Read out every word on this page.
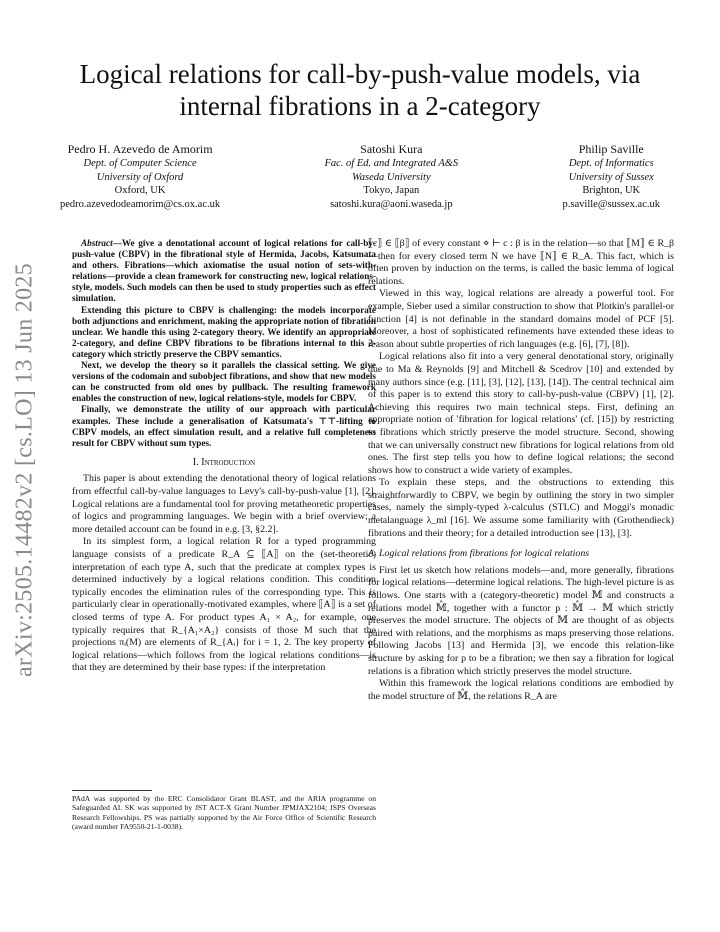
arXiv:2505.14482v2 [cs.LO] 13 Jun 2025
Logical relations for call-by-push-value models, via internal fibrations in a 2-category
Pedro H. Azevedo de Amorim
Dept. of Computer Science
University of Oxford
Oxford, UK
pedro.azevedodeamorim@cs.ox.ac.uk
Satoshi Kura
Fac. of Ed. and Integrated A&S
Waseda University
Tokyo, Japan
satoshi.kura@aoni.waseda.jp
Philip Saville
Dept. of Informatics
University of Sussex
Brighton, UK
p.saville@sussex.ac.uk

Abstract—We give a denotational account of logical relations for call-by-push-value (CBPV) in the fibrational style of Hermida, Jacobs, Katsumata and others. Fibrations—which axiomatise the usual notion of sets-with-relations—provide a clean framework for constructing new, logical relations-style, models. Such models can then be used to study properties such as effect simulation.

Extending this picture to CBPV is challenging: the models incorporate both adjunctions and enrichment, making the appropriate notion of fibration unclear. We handle this using 2-category theory. We identify an appropriate 2-category, and define CBPV fibrations to be fibrations internal to this 2-category which strictly preserve the CBPV semantics.

Next, we develop the theory so it parallels the classical setting. We give versions of the codomain and subobject fibrations, and show that new models can be constructed from old ones by pullback. The resulting framework enables the construction of new, logical relations-style, models for CBPV.

Finally, we demonstrate the utility of our approach with particular examples. These include a generalisation of Katsumata's ⊤⊤-lifting to CBPV models, an effect simulation result, and a relative full completeness result for CBPV without sum types.

I. Introduction

This paper is about extending the denotational theory of logical relations from effectful call-by-value languages to Levy's call-by-push-value [1], [2]. Logical relations are a fundamental tool for proving metatheoretic properties of logics and programming languages. We begin with a brief overview; a more detailed account can be found in e.g. [3, §2.2].

In its simplest form, a logical relation R for a typed programming language consists of a predicate R_A ⊆ ⟦A⟧ on the (set-theoretic) interpretation of each type A, such that the predicate at complex types is determined inductively by a logical relations condition. This condition typically encodes the elimination rules of the corresponding type. This is particularly clear in operationally-motivated examples, where ⟦A⟧ is a set of closed terms of type A. For product types A₁ × A₂, for example, one typically requires that R_{A₁×A₂} consists of those M such that the projections πᵢ(M) are elements of R_{Aᵢ} for i = 1, 2. The key property of logical relations—which follows from the logical relations conditions—is that they are determined by their base types: if the interpretation

PAdA was supported by the ERC Consolidator Grant BLAST, and the ARIA programme on Safeguarded AI. SK was supported by JST ACT-X Grant Number JPMJAX2104; JSPS Overseas Research Fellowships. PS was partially supported by the Air Force Office of Scientific Research (award number FA9550-21-1-0038).

⟦c⟧ ∈ ⟦β⟧ of every constant ⋄ ⊢ c : β is in the relation—so that ⟦M⟧ ∈ R_β—then for every closed term N we have ⟦N⟧ ∈ R_A. This fact, which is often proven by induction on the terms, is called the basic lemma of logical relations.

Viewed in this way, logical relations are already a powerful tool. For example, Sieber used a similar construction to show that Plotkin's parallel-or function [4] is not definable in the standard domains model of PCF [5]. Moreover, a host of sophisticated refinements have extended these ideas to reason about subtle properties of rich languages (e.g. [6], [7], [8]).

Logical relations also fit into a very general denotational story, originally due to Ma & Reynolds [9] and Mitchell & Scedrov [10] and extended by many authors since (e.g. [11], [3], [12], [13], [14]). The central technical aim of this paper is to extend this story to call-by-push-value (CBPV) [1], [2]. Achieving this requires two main technical steps. First, defining an appropriate notion of 'fibration for logical relations' (cf. [15]) by restricting to fibrations which strictly preserve the model structure. Second, showing that we can universally construct new fibrations for logical relations from old ones. The first step tells you how to define logical relations; the second shows how to construct a wide variety of examples.

To explain these steps, and the obstructions to extending this straightforwardly to CBPV, we begin by outlining the story in two simpler cases, namely the simply-typed λ-calculus (STLC) and Moggi's monadic metalanguage λ_ml [16]. We assume some familiarity with (Grothendieck) fibrations and their theory; for a detailed introduction see [13], [3].

A. Logical relations from fibrations for logical relations

First let us sketch how relations models—and, more generally, fibrations for logical relations—determine logical relations. The high-level picture is as follows. One starts with a (category-theoretic) model 𝕄 and constructs a relations model 𝕄̂, together with a functor p : 𝕄̂ → 𝕄 which strictly preserves the model structure. The objects of 𝕄 are thought of as objects paired with relations, and the morphisms as maps preserving those relations. Following Jacobs [13] and Hermida [3], we encode this relation-like structure by asking for p to be a fibration; we then say a fibration for logical relations is a fibration which strictly preserves the model structure.

Within this framework the logical relations conditions are embodied by the model structure of 𝕄̂, the relations R_A are
